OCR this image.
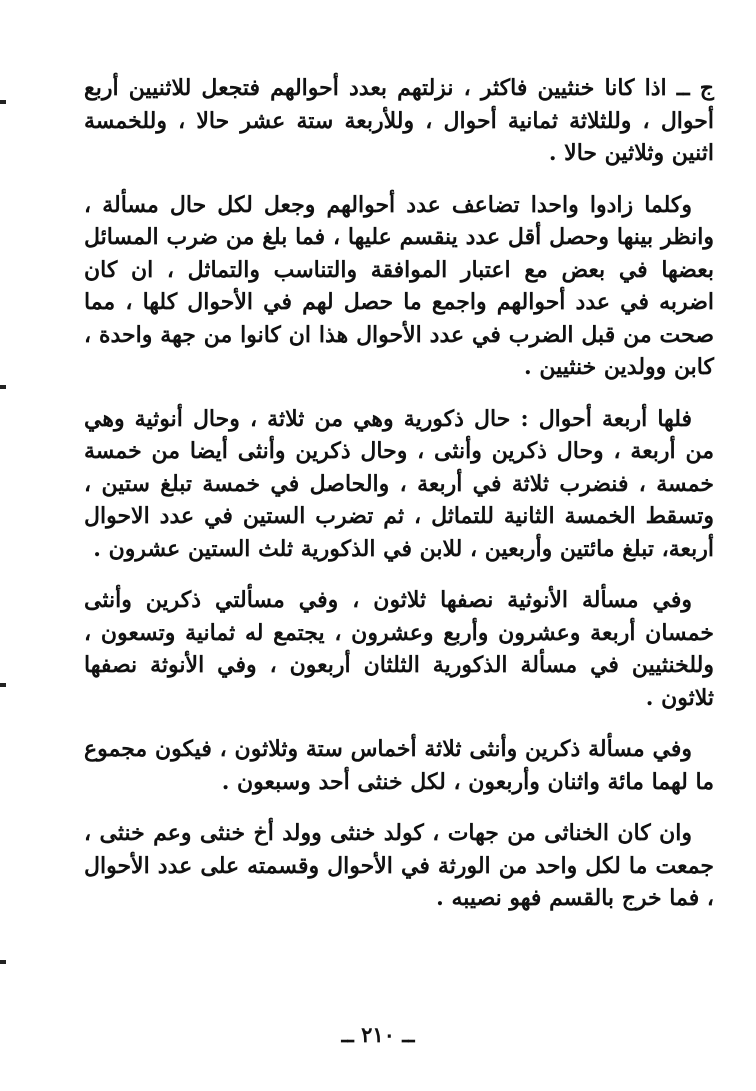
ج ــ اذا كانا خنثيين فاكثر ، نزلتهم بعدد أحوالهم فتجعل للاثنيين أربع أحوال ، وللثلاثة ثمانية أحوال ، وللأربعة ستة عشر حالا ، وللخمسة اثنين وثلاثين حالا .

وكلما زادوا واحدا تضاعف عدد أحوالهم وجعل لكل حال مسألة ، وانظر بينها وحصل أقل عدد ينقسم عليها ، فما بلغ من ضرب المسائل بعضها في بعض مع اعتبار الموافقة والتناسب والتماثل ، ان كان اضربه في عدد أحوالهم واجمع ما حصل لهم في الأحوال كلها ، مما صحت من قبل الضرب في عدد الأحوال هذا ان كانوا من جهة واحدة ، كابن وولدين خنثيين .

فلها أربعة أحوال : حال ذكورية وهي من ثلاثة ، وحال أنوثية وهي من أربعة ، وحال ذكرين وأنثى ، وحال ذكرين وأنثى أيضا من خمسة خمسة ، فنضرب ثلاثة في أربعة ، والحاصل في خمسة تبلغ ستين ، وتسقط الخمسة الثانية للتماثل ، ثم تضرب الستين في عدد الاحوال أربعة، تبلغ مائتين وأربعين ، للابن في الذكورية ثلث الستين عشرون .

وفي مسألة الأنوثية نصفها ثلاثون ، وفي مسألتي ذكرين وأنثى خمسان أربعة وعشرون وأربع وعشرون ، يجتمع له ثمانية وتسعون ، وللخنثيين في مسألة الذكورية الثلثان أربعون ، وفي الأنوثة نصفها ثلاثون .

وفي مسألة ذكرين وأنثى ثلاثة أخماس ستة وثلاثون ، فيكون مجموع ما لهما مائة واثنان وأربعون ، لكل خنثى أحد وسبعون .

وان كان الخناثى من جهات ، كولد خنثى وولد أخ خنثى وعم خنثى ، جمعت ما لكل واحد من الورثة في الأحوال وقسمته على عدد الأحوال ، فما خرج بالقسم فهو نصيبه .

ــ ٢١٠ ــ
